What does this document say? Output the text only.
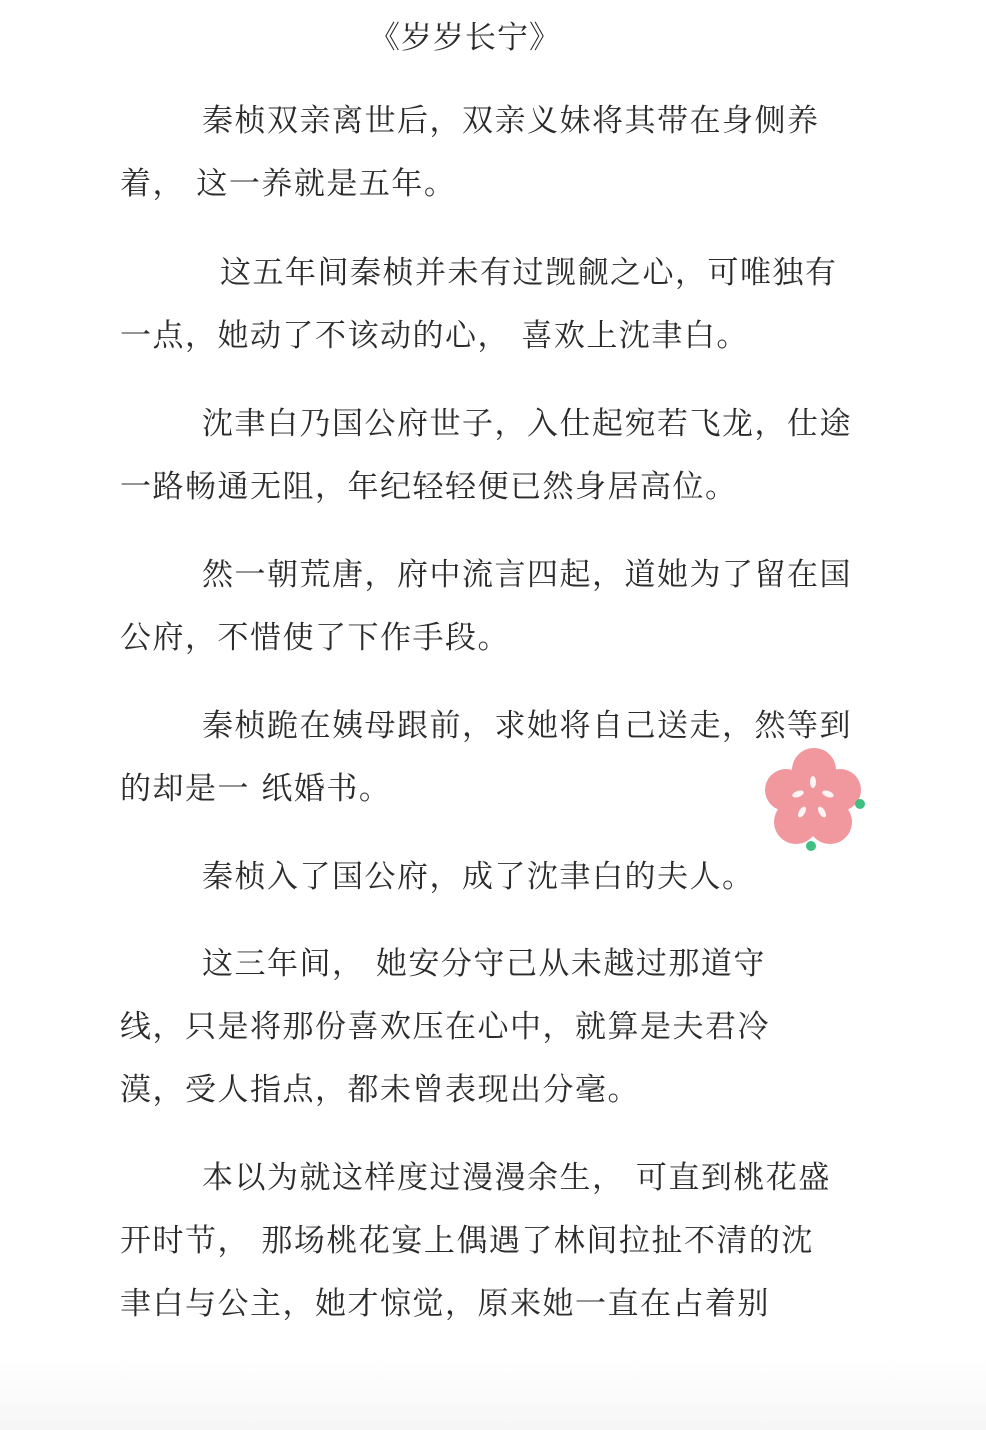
《岁岁长宁》

秦桢双亲离世后，双亲义妹将其带在身侧养着， 这一养就是五年。

这五年间秦桢并未有过觊觎之心，可唯独有一点，她动了不该动的心， 喜欢上沈聿白。

沈聿白乃国公府世子，入仕起宛若飞龙，仕途一路畅通无阻，年纪轻轻便已然身居高位。

然一朝荒唐，府中流言四起，道她为了留在国公府，不惜使了下作手段。

秦桢跪在姨母跟前，求她将自己送走，然等到的却是一 纸婚书。

秦桢入了国公府，成了沈聿白的夫人。

这三年间， 她安分守己从未越过那道守线，只是将那份喜欢压在心中，就算是夫君冷漠，受人指点，都未曾表现出分毫。

本以为就这样度过漫漫余生， 可直到桃花盛开时节， 那场桃花宴上偶遇了林间拉扯不清的沈聿白与公主，她才惊觉，原来她一直在占着别
